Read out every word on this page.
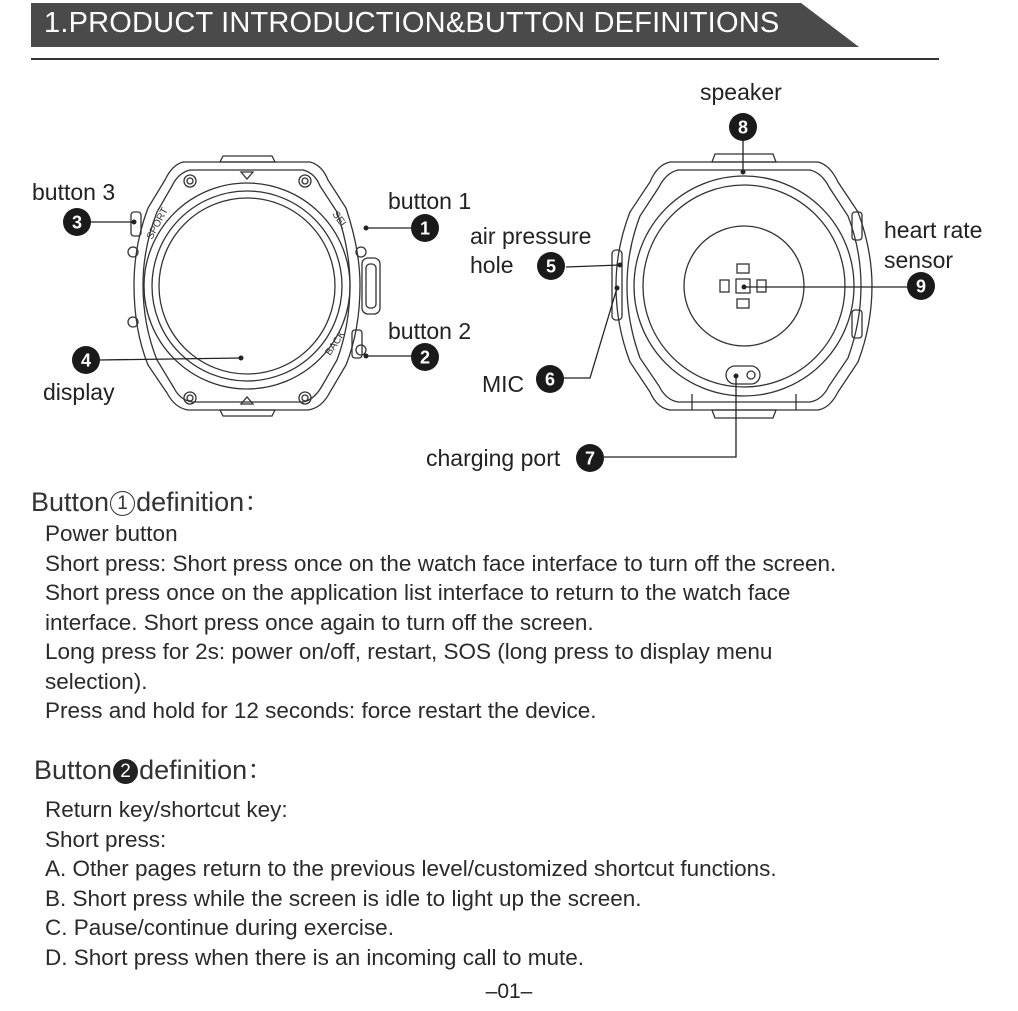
1.PRODUCT INTRODUCTION&BUTTON DEFINITIONS
SPORT	SEL
BACK
1
2
3
4
5
6
7
8
9
button 3	button 1
button 2
display
speaker
air pressure
hole
MIC
heart rate
sensor
charging port
Button 1 definition：
Power button
Short press: Short press once on the watch face interface to turn off the screen.
Short press once on the application list interface to return to the watch face
interface. Short press once again to turn off the screen.
Long press for 2s: power on/off, restart, SOS (long press to display menu
selection).
Press and hold for 12 seconds: force restart the device.
Button 2 definition：
Return key/shortcut key:
Short press:
A. Other pages return to the previous level/customized shortcut functions.
B. Short press while the screen is idle to light up the screen.
C. Pause/continue during exercise.
D. Short press when there is an incoming call to mute.
–01–
